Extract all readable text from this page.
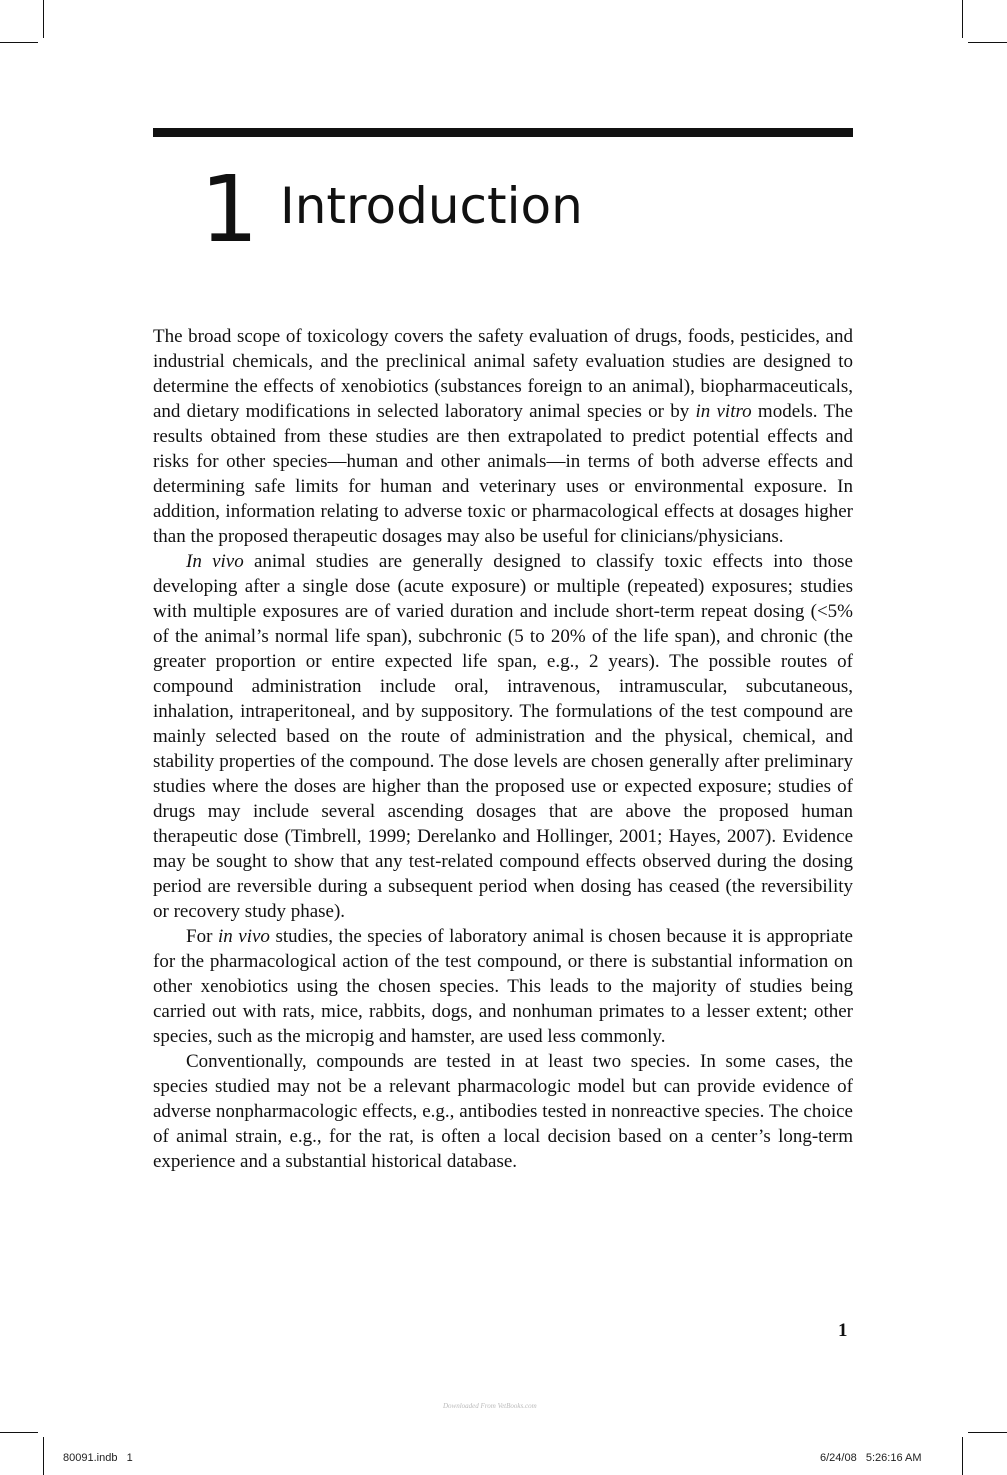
1 Introduction

The broad scope of toxicology covers the safety evaluation of drugs, foods, pesticides, and industrial chemicals, and the preclinical animal safety evaluation studies are designed to determine the effects of xenobiotics (substances foreign to an animal), biopharmaceuticals, and dietary modifications in selected laboratory animal species or by in vitro models. The results obtained from these studies are then extrapolated to predict potential effects and risks for other species—human and other animals—in terms of both adverse effects and determining safe limits for human and veterinary uses or environmental exposure. In addition, information relating to adverse toxic or pharmacological effects at dosages higher than the proposed therapeutic dosages may also be useful for clinicians/physicians.

In vivo animal studies are generally designed to classify toxic effects into those developing after a single dose (acute exposure) or multiple (repeated) exposures; studies with multiple exposures are of varied duration and include short-term repeat dosing (<5% of the animal’s normal life span), subchronic (5 to 20% of the life span), and chronic (the greater proportion or entire expected life span, e.g., 2 years). The possible routes of compound administration include oral, intravenous, intramuscular, subcutaneous, inhalation, intraperitoneal, and by suppository. The formulations of the test compound are mainly selected based on the route of administration and the physical, chemical, and stability properties of the compound. The dose levels are chosen generally after preliminary studies where the doses are higher than the proposed use or expected exposure; studies of drugs may include several ascending dosages that are above the proposed human therapeutic dose (Timbrell, 1999; Derelanko and Hollinger, 2001; Hayes, 2007). Evidence may be sought to show that any test-related compound effects observed during the dosing period are reversible during a subsequent period when dosing has ceased (the reversibility or recovery study phase).

For in vivo studies, the species of laboratory animal is chosen because it is appropriate for the pharmacological action of the test compound, or there is substantial information on other xenobiotics using the chosen species. This leads to the majority of studies being carried out with rats, mice, rabbits, dogs, and nonhuman primates to a lesser extent; other species, such as the micropig and hamster, are used less commonly.

Conventionally, compounds are tested in at least two species. In some cases, the species studied may not be a relevant pharmacologic model but can provide evidence of adverse nonpharmacologic effects, e.g., antibodies tested in nonreactive species. The choice of animal strain, e.g., for the rat, is often a local decision based on a center’s long-term experience and a substantial historical database.

1
Downloaded From VetBooks.com
80091.indb   1	6/24/08   5:26:16 AM
